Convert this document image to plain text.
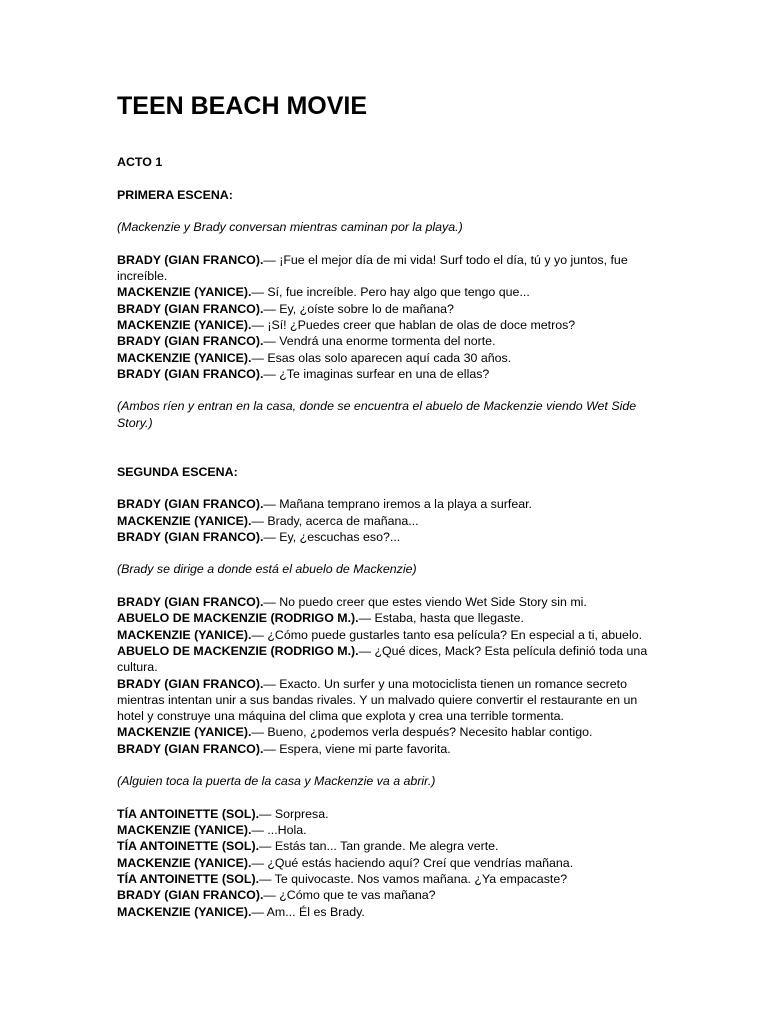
TEEN BEACH MOVIE
ACTO 1
PRIMERA ESCENA:
(Mackenzie y Brady conversan mientras caminan por la playa.)
BRADY (GIAN FRANCO).— ¡Fue el mejor día de mi vida! Surf todo el día, tú y yo juntos, fue increíble.
MACKENZIE (YANICE).— Sí, fue increíble. Pero hay algo que tengo que...
BRADY (GIAN FRANCO).— Ey, ¿oíste sobre lo de mañana?
MACKENZIE (YANICE).— ¡Sí! ¿Puedes creer que hablan de olas de doce metros?
BRADY (GIAN FRANCO).— Vendrá una enorme tormenta del norte.
MACKENZIE (YANICE).— Esas olas solo aparecen aquí cada 30 años.
BRADY (GIAN FRANCO).— ¿Te imaginas surfear en una de ellas?
(Ambos ríen y entran en la casa, donde se encuentra el abuelo de Mackenzie viendo Wet Side Story.)
SEGUNDA ESCENA:
BRADY (GIAN FRANCO).— Mañana temprano iremos a la playa a surfear.
MACKENZIE (YANICE).— Brady, acerca de mañana...
BRADY (GIAN FRANCO).— Ey, ¿escuchas eso?...
(Brady se dirige a donde está el abuelo de Mackenzie)
BRADY (GIAN FRANCO).— No puedo creer que estes viendo Wet Side Story sin mi.
ABUELO DE MACKENZIE (RODRIGO M.).— Estaba, hasta que llegaste.
MACKENZIE (YANICE).— ¿Cómo puede gustarles tanto esa película? En especial a ti, abuelo.
ABUELO DE MACKENZIE (RODRIGO M.).— ¿Qué dices, Mack? Esta película definió toda una cultura.
BRADY (GIAN FRANCO).— Exacto. Un surfer y una motociclista tienen un romance secreto mientras intentan unir a sus bandas rivales. Y un malvado quiere convertir el restaurante en un hotel y construye una máquina del clima que explota y crea una terrible tormenta.
MACKENZIE (YANICE).— Bueno, ¿podemos verla después? Necesito hablar contigo.
BRADY (GIAN FRANCO).— Espera, viene mi parte favorita.
(Alguien toca la puerta de la casa y Mackenzie va a abrir.)
TÍA ANTOINETTE (SOL).— Sorpresa.
MACKENZIE (YANICE).— ...Hola.
TÍA ANTOINETTE (SOL).— Estás tan... Tan grande. Me alegra verte.
MACKENZIE (YANICE).— ¿Qué estás haciendo aquí? Creí que vendrías mañana.
TÍA ANTOINETTE (SOL).— Te quivocaste. Nos vamos mañana. ¿Ya empacaste?
BRADY (GIAN FRANCO).— ¿Cómo que te vas mañana?
MACKENZIE (YANICE).— Am... Él es Brady.
